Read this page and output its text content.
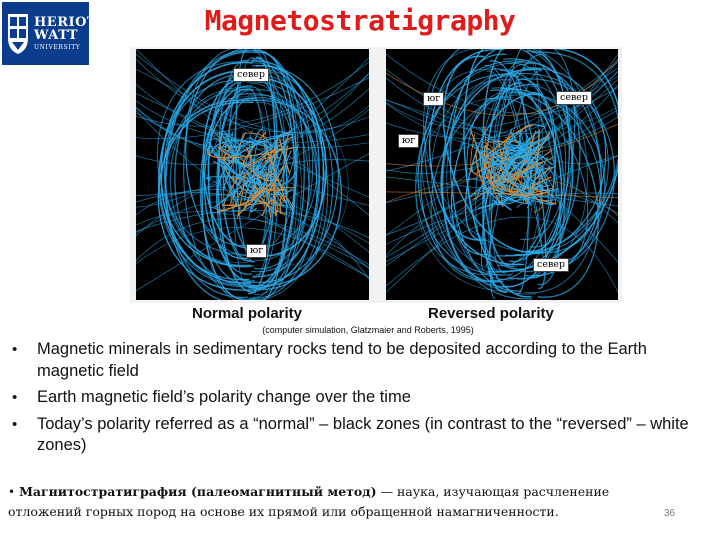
HERIOT
WATT
UNIVERSITY
Magnetostratigraphy
север
юг
юг
юг
север
север
Normal polarity	Reversed polarity
(computer simulation, Glatzmaier and Roberts, 1995)
• Magnetic minerals in sedimentary rocks tend to be deposited according to the Earth magnetic field
• Earth magnetic field’s polarity change over the time
• Today’s polarity referred as a “normal” – black zones (in contrast to the “reversed” – white zones)
• Магнитостратиграфия (палеомагнитный метод) — наука, изучающая расчленение отложений горных пород на основе их прямой или обращенной намагниченности.	36
